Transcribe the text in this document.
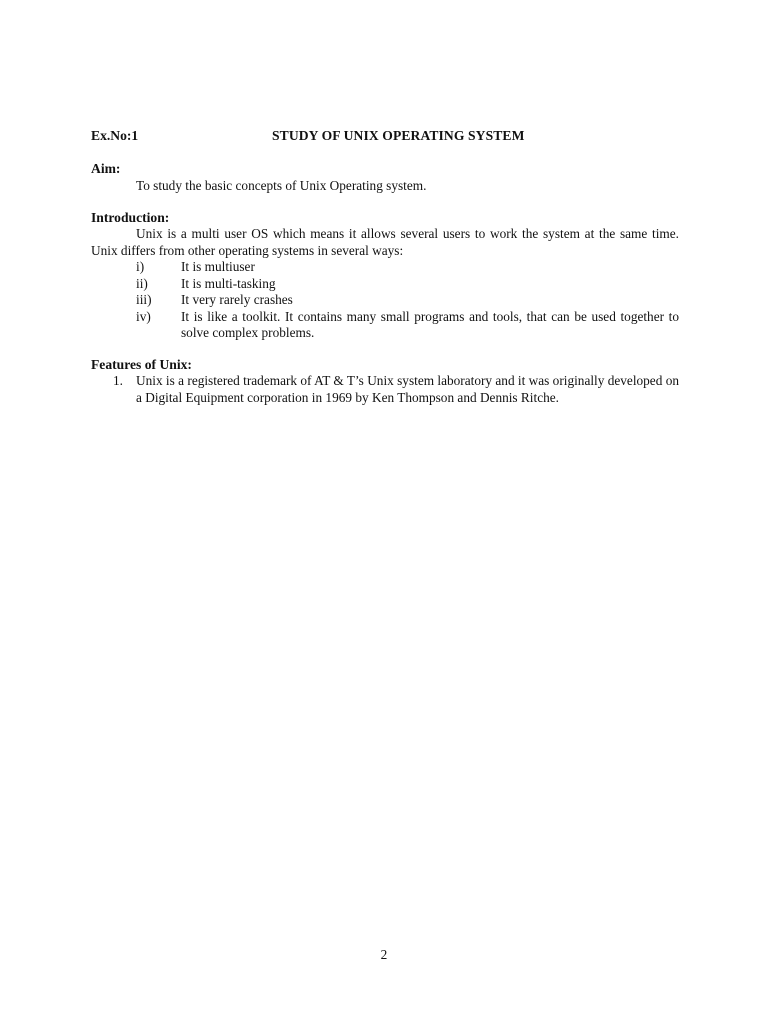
Ex.No:1	STUDY OF UNIX OPERATING SYSTEM
Aim:
To study the basic concepts of Unix Operating system.
Introduction:

Unix is a multi user OS which means it allows several users to work the system at the same time. Unix differs from other operating systems in several ways:

i)	It is multiuser
ii)	It is multi-tasking
iii)	It very rarely crashes
iv)	It is like a toolkit. It contains many small programs and tools, that can be used together to solve complex problems.
Features of Unix:
1. Unix is a registered trademark of AT & T’s Unix system laboratory and it was originally developed on a Digital Equipment corporation in 1969 by Ken Thompson and Dennis Ritche.
2
